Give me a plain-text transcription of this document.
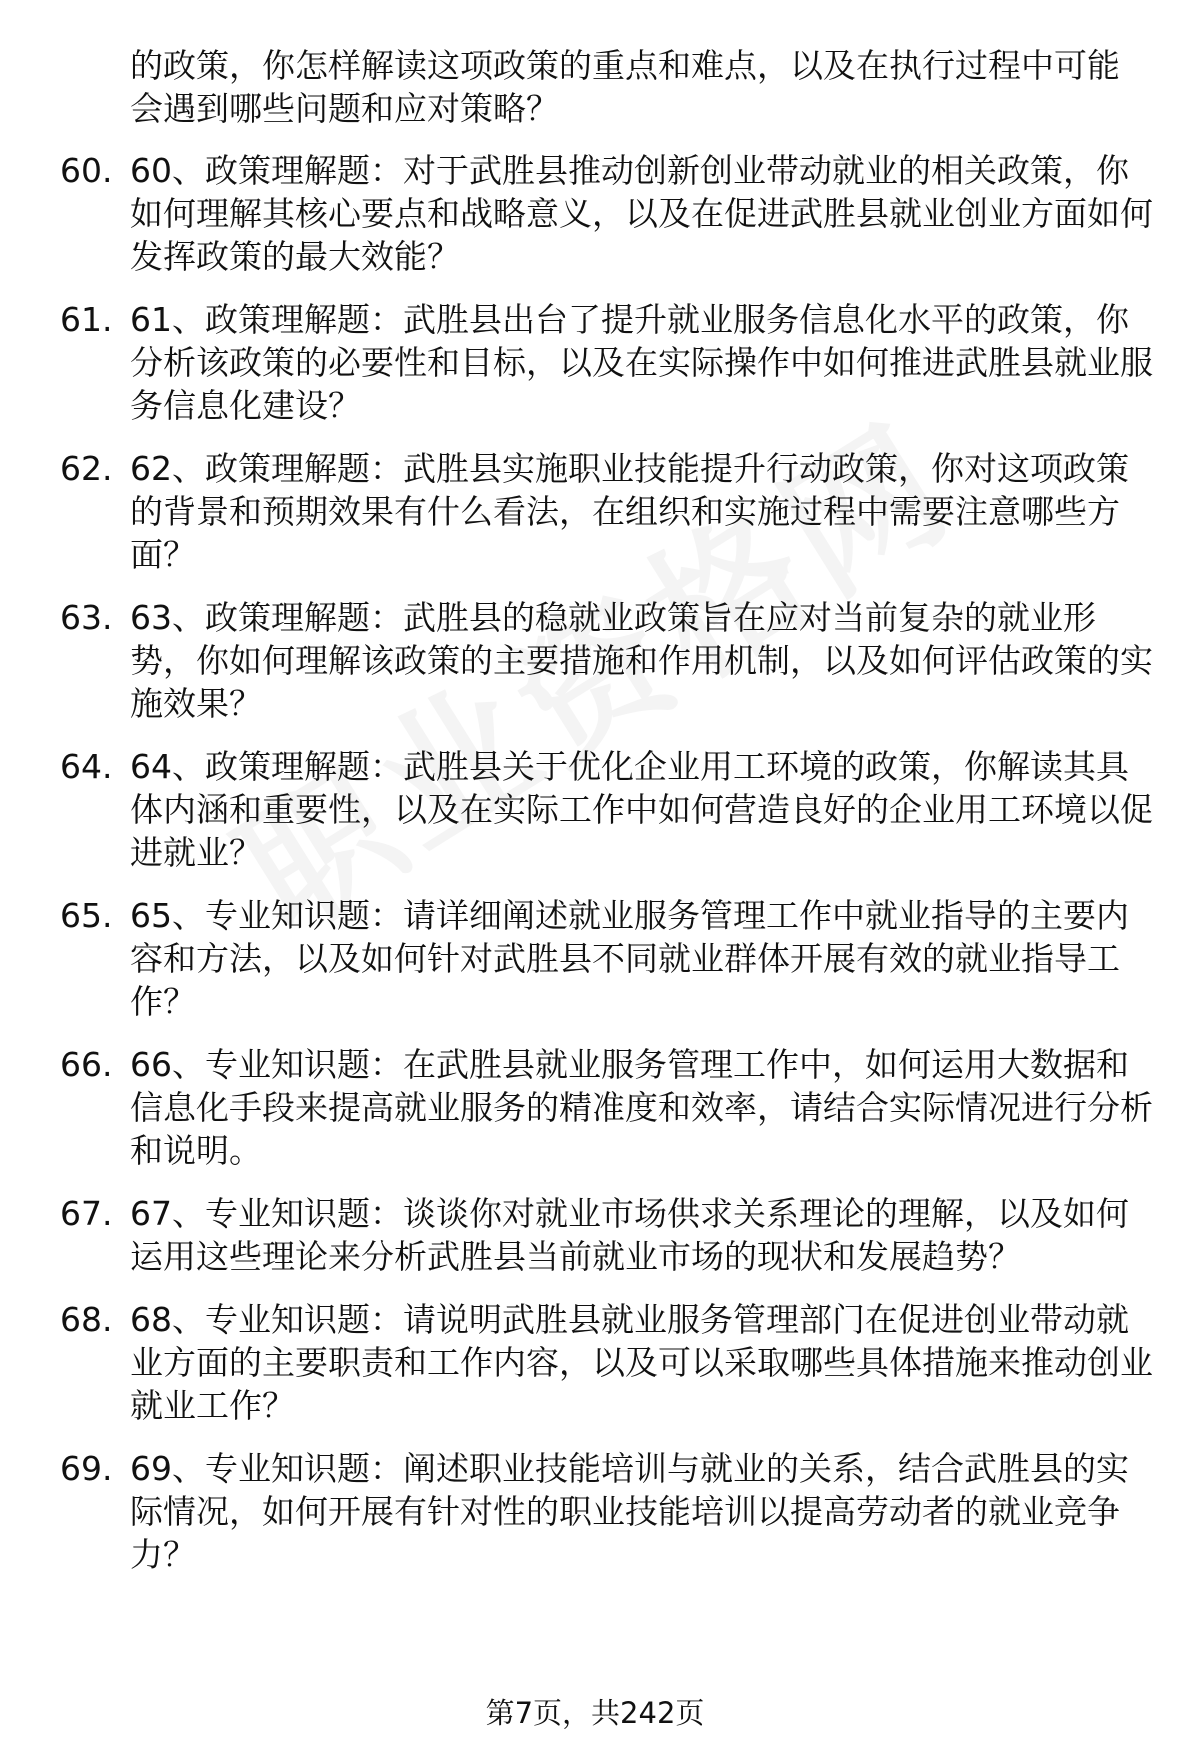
的政策，你怎样解读这项政策的重点和难点，以及在执行过程中可能会遇到哪些问题和应对策略？
60. 60、政策理解题：对于武胜县推动创新创业带动就业的相关政策，你如何理解其核心要点和战略意义，以及在促进武胜县就业创业方面如何发挥政策的最大效能？
61. 61、政策理解题：武胜县出台了提升就业服务信息化水平的政策，你分析该政策的必要性和目标，以及在实际操作中如何推进武胜县就业服务信息化建设？
62. 62、政策理解题：武胜县实施职业技能提升行动政策，你对这项政策的背景和预期效果有什么看法，在组织和实施过程中需要注意哪些方面？
63. 63、政策理解题：武胜县的稳就业政策旨在应对当前复杂的就业形势，你如何理解该政策的主要措施和作用机制，以及如何评估政策的实施效果？
64. 64、政策理解题：武胜县关于优化企业用工环境的政策，你解读其具体内涵和重要性，以及在实际工作中如何营造良好的企业用工环境以促进就业？
65. 65、专业知识题：请详细阐述就业服务管理工作中就业指导的主要内容和方法，以及如何针对武胜县不同就业群体开展有效的就业指导工作？
66. 66、专业知识题：在武胜县就业服务管理工作中，如何运用大数据和信息化手段来提高就业服务的精准度和效率，请结合实际情况进行分析和说明。
67. 67、专业知识题：谈谈你对就业市场供求关系理论的理解，以及如何运用这些理论来分析武胜县当前就业市场的现状和发展趋势？
68. 68、专业知识题：请说明武胜县就业服务管理部门在促进创业带动就业方面的主要职责和工作内容，以及可以采取哪些具体措施来推动创业就业工作？
69. 69、专业知识题：阐述职业技能培训与就业的关系，结合武胜县的实际情况，如何开展有针对性的职业技能培训以提高劳动者的就业竞争力？
第7页，共242页
